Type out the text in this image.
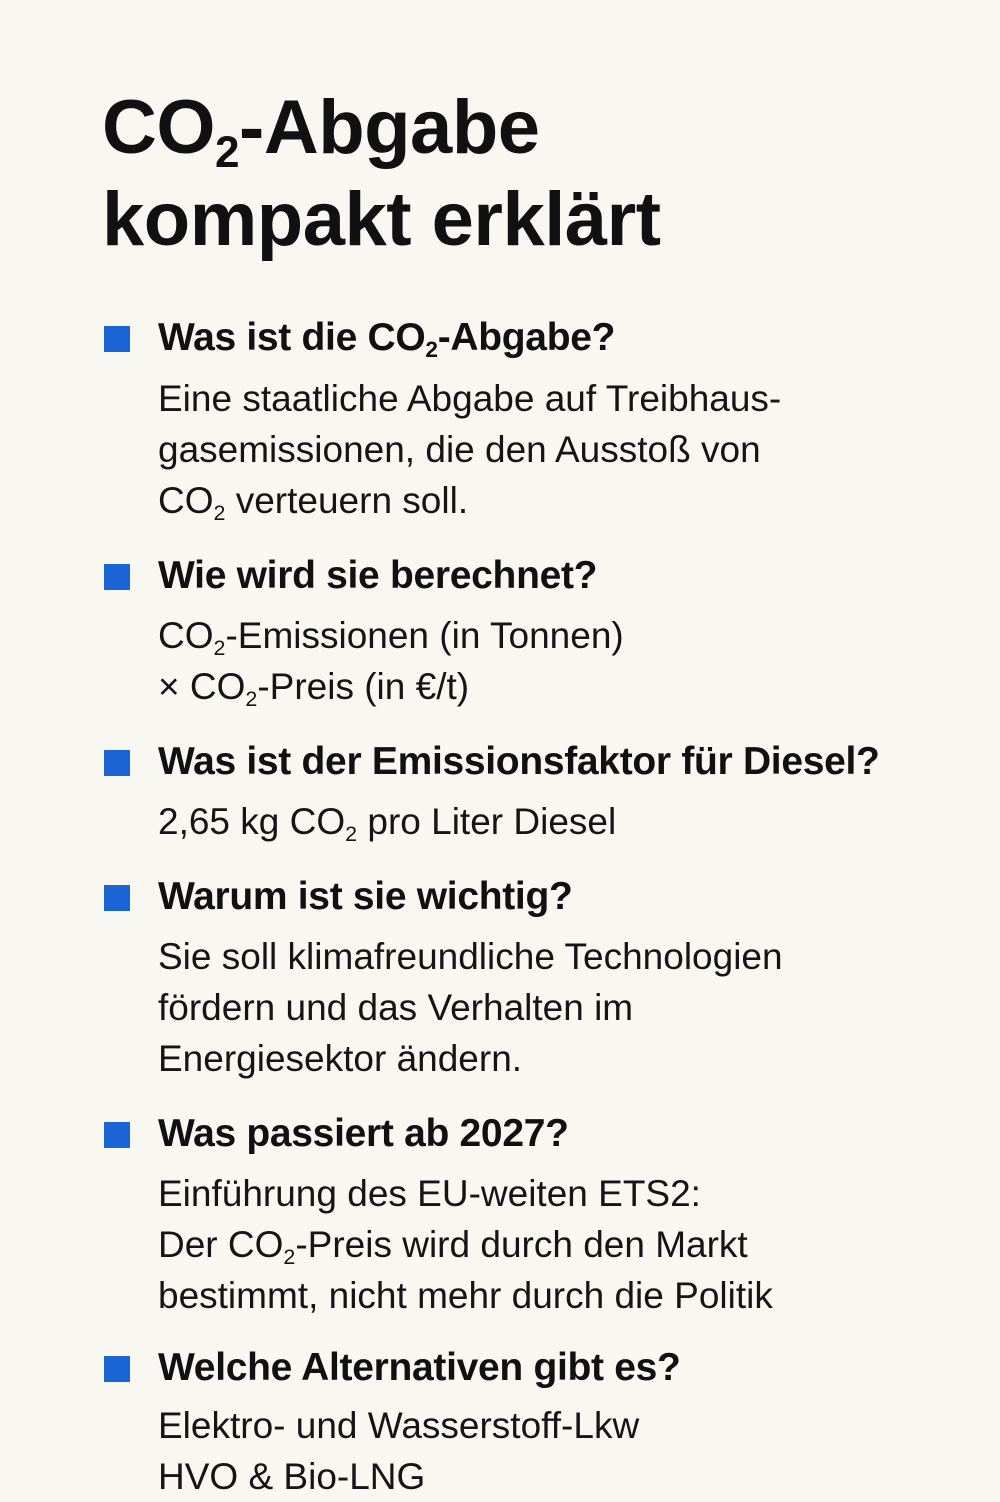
CO2-Abgabe
kompakt erklärt

Was ist die CO2-Abgabe?

Eine staatliche Abgabe auf Treibhaus-
gasemissionen, die den Ausstoß von
CO2 verteuern soll.

Wie wird sie berechnet?

CO2-Emissionen (in Tonnen)
× CO2-Preis (in €/t)

Was ist der Emissionsfaktor für Diesel?

2,65 kg CO2 pro Liter Diesel

Warum ist sie wichtig?

Sie soll klimafreundliche Technologien
fördern und das Verhalten im
Energiesektor ändern.

Was passiert ab 2027?

Einführung des EU-weiten ETS2:
Der CO2-Preis wird durch den Markt
bestimmt, nicht mehr durch die Politik

Welche Alternativen gibt es?

Elektro- und Wasserstoff-Lkw
HVO & Bio-LNG
